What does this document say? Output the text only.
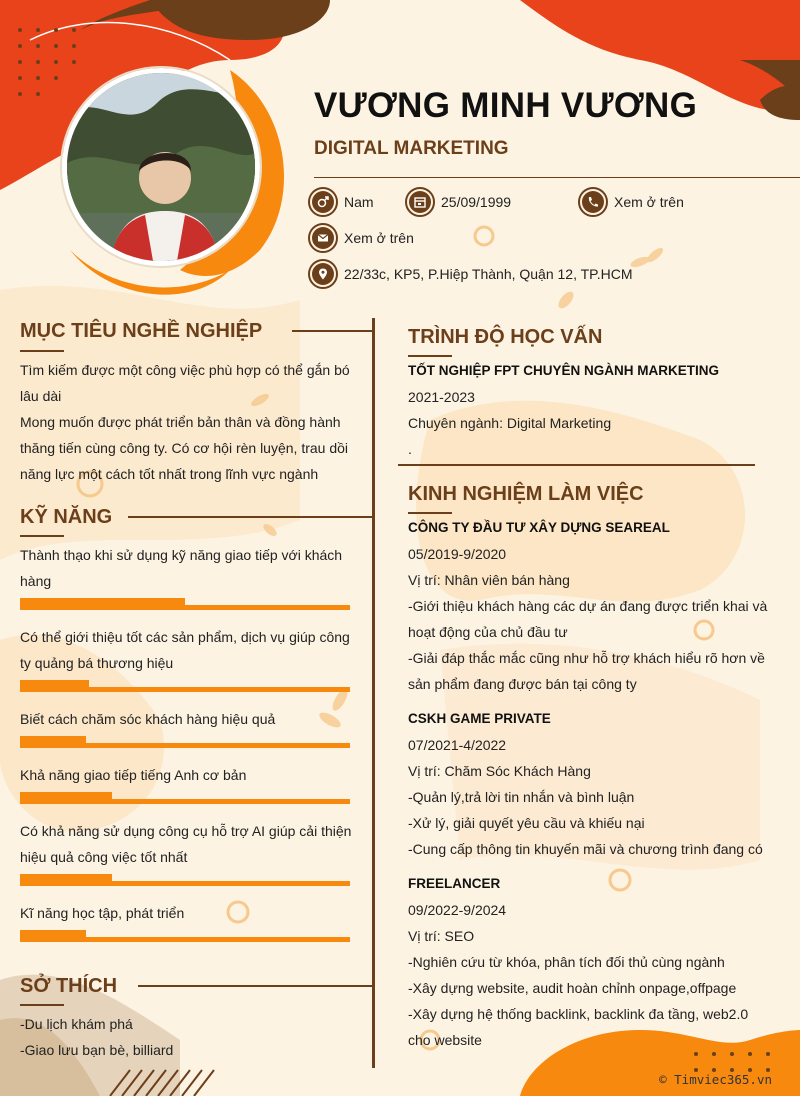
VƯƠNG MINH VƯƠNG
DIGITAL MARKETING
Nam	25/09/1999	Xem ở trên
Xem ở trên
22/33c, KP5, P.Hiệp Thành, Quận 12, TP.HCM
MỤC TIÊU NGHỀ NGHIỆP
Tìm kiếm được một công việc phù hợp có thể gắn bó
lâu dài
Mong muốn được phát triển bản thân và đồng hành
thăng tiến cùng công ty. Có cơ hội rèn luyện, trau dồi
năng lực một cách tốt nhất trong lĩnh vực ngành
KỸ NĂNG
Thành thạo khi sử dụng kỹ năng giao tiếp với khách
hàng
Có thể giới thiệu tốt các sản phẩm, dịch vụ giúp công
ty quảng bá thương hiệu
Biết cách chăm sóc khách hàng hiệu quả
Khả năng giao tiếp tiếng Anh cơ bản
Có khả năng sử dụng công cụ hỗ trợ AI giúp cải thiện
hiệu quả công việc tốt nhất
Kĩ năng học tập, phát triển
SỞ THÍCH
-Du lịch khám phá
-Giao lưu bạn bè, billiard
TRÌNH ĐỘ HỌC VẤN
TỐT NGHIỆP FPT CHUYÊN NGÀNH MARKETING
2021-2023
Chuyên ngành: Digital Marketing
.
KINH NGHIỆM LÀM VIỆC
CÔNG TY ĐẦU TƯ XÂY DỰNG SEAREAL
05/2019-9/2020
Vị trí: Nhân viên bán hàng
-Giới thiệu khách hàng các dự án đang được triển khai và
hoạt động của chủ đầu tư
-Giải đáp thắc mắc cũng như hỗ trợ khách hiểu rõ hơn về
sản phẩm đang được bán tại công ty
CSKH GAME PRIVATE
07/2021-4/2022
Vị trí: Chăm Sóc Khách Hàng
-Quản lý,trả lời tin nhắn và bình luận
-Xử lý, giải quyết yêu cầu và khiếu nại
-Cung cấp thông tin khuyến mãi và chương trình đang có
FREELANCER
09/2022-9/2024
Vị trí: SEO
-Nghiên cứu từ khóa, phân tích đối thủ cùng ngành
-Xây dựng website, audit hoàn chỉnh onpage,offpage
-Xây dựng hệ thống backlink, backlink đa tầng, web2.0
cho website
© Timviec365.vn
